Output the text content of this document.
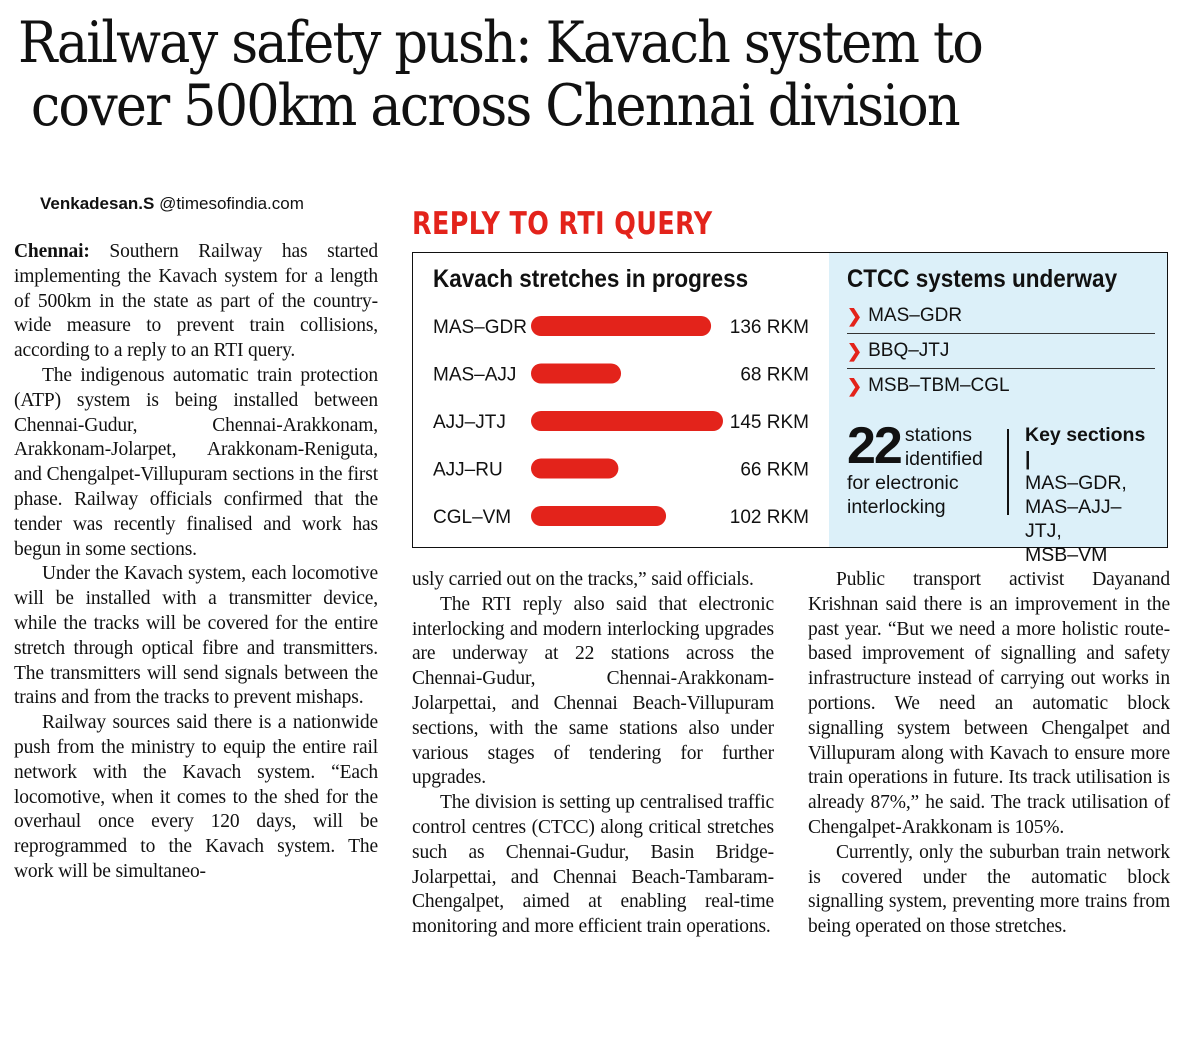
Railway safety push: Kavach system to
cover 500km across Chennai division
Venkadesan.S @timesofindia.com

Chennai: Southern Railway has started implementing the Kavach system for a length of 500km in the state as part of the country-wide measure to prevent train collisions, according to a reply to an RTI query.

The indigenous automatic train protection (ATP) system is being installed between Chennai-Gudur, Chennai-Arakkonam, Arakkonam-Jolarpet, Arakkonam-Reniguta, and Chengalpet-Villupuram sections in the first phase. Railway officials confirmed that the tender was recently finalised and work has begun in some sections.

Under the Kavach system, each locomotive will be installed with a transmitter device, while the tracks will be covered for the entire stretch through optical fibre and transmitters. The transmitters will send signals between the trains and from the tracks to prevent mishaps.

Railway sources said there is a nationwide push from the ministry to equip the entire rail network with the Kavach system. “Each locomotive, when it comes to the shed for the overhaul once every 120 days, will be reprogrammed to the Kavach system. The work will be simultaneo-

REPLY TO RTI QUERY
Kavach stretches in progress
MAS–GDR	136 RKM
MAS–AJJ	68 RKM
AJJ–JTJ	145 RKM
AJJ–RU	66 RKM
CGL–VM	102 RKM
CTCC systems underway
❯ MAS–GDR
❯ BBQ–JTJ
❯ MSB–TBM–CGL
22 stations identified for electronic interlocking
Key sections |
MAS–GDR,
MAS–AJJ–JTJ,
MSB–VM

usly carried out on the tracks,” said officials.

The RTI reply also said that electronic interlocking and modern interlocking upgrades are underway at 22 stations across the Chennai-Gudur, Chennai-Arakkonam-Jolarpettai, and Chennai Beach-Villupuram sections, with the same stations also under various stages of tendering for further upgrades.

The division is setting up centralised traffic control centres (CTCC) along critical stretches such as Chennai-Gudur, Basin Bridge-Jolarpettai, and Chennai Beach-Tambaram-Chengalpet, aimed at enabling real-time monitoring and more efficient train operations.

Public transport activist Dayanand Krishnan said there is an improvement in the past year. “But we need a more holistic route-based improvement of signalling and safety infrastructure instead of carrying out works in portions. We need an automatic block signalling system between Chengalpet and Villupuram along with Kavach to ensure more train operations in future. Its track utilisation is already 87%,” he said. The track utilisation of Chengalpet-Arakkonam is 105%.

Currently, only the suburban train network is covered under the automatic block signalling system, preventing more trains from being operated on those stretches.
